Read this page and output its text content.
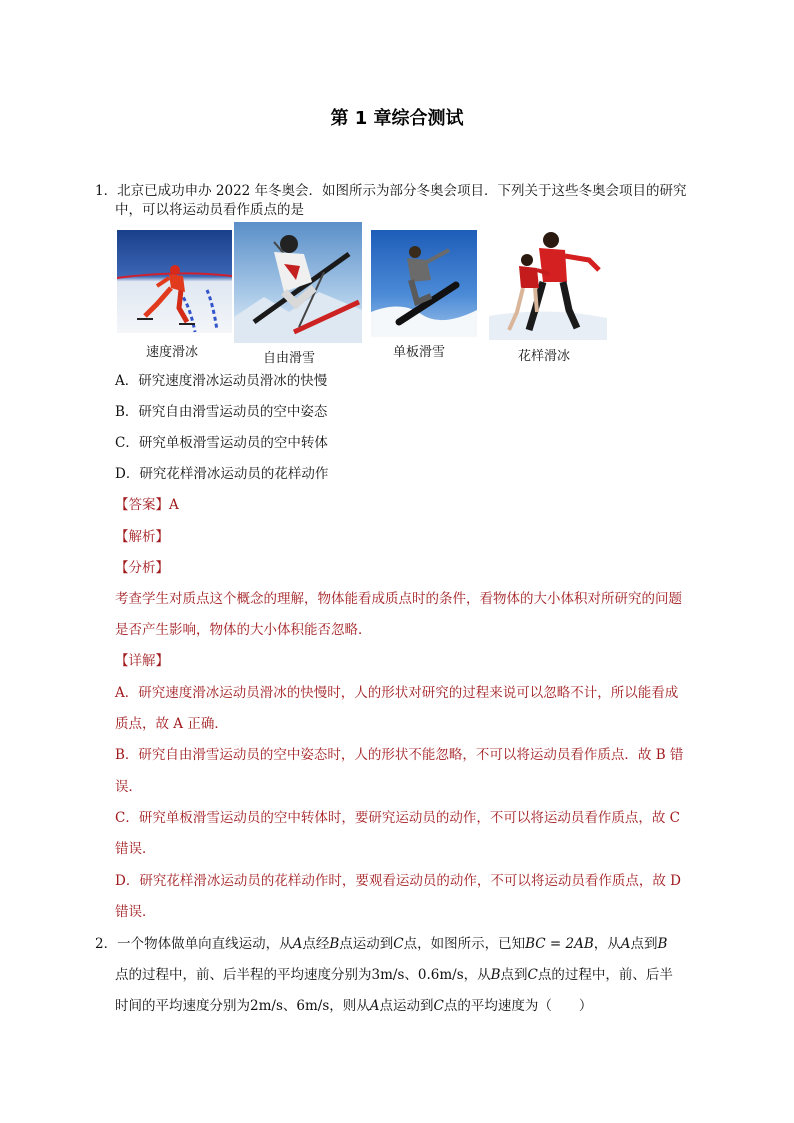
第 1 章综合测试
1．北京已成功申办 2022 年冬奥会．如图所示为部分冬奥会项目．下列关于这些冬奥会项目的研究
中，可以将运动员看作质点的是
速度滑冰	自由滑雪	单板滑雪	花样滑冰
A．研究速度滑冰运动员滑冰的快慢
B．研究自由滑雪运动员的空中姿态
C．研究单板滑雪运动员的空中转体
D．研究花样滑冰运动员的花样动作
【答案】A
【解析】
【分析】
考查学生对质点这个概念的理解，物体能看成质点时的条件，看物体的大小体积对所研究的问题
是否产生影响，物体的大小体积能否忽略．
【详解】
A．研究速度滑冰运动员滑冰的快慢时，人的形状对研究的过程来说可以忽略不计，所以能看成
质点，故 A 正确．
B．研究自由滑雪运动员的空中姿态时，人的形状不能忽略，不可以将运动员看作质点．故 B 错
误．
C．研究单板滑雪运动员的空中转体时，要研究运动员的动作，不可以将运动员看作质点，故 C
错误．
D．研究花样滑冰运动员的花样动作时，要观看运动员的动作，不可以将运动员看作质点，故 D
错误．
2．一个物体做单向直线运动，从A点经B点运动到C点，如图所示，已知BC = 2AB，从A点到B
点的过程中，前、后半程的平均速度分别为3m/s、0.6m/s，从B点到C点的过程中，前、后半
时间的平均速度分别为2m/s、6m/s，则从A点运动到C点的平均速度为（　　）
